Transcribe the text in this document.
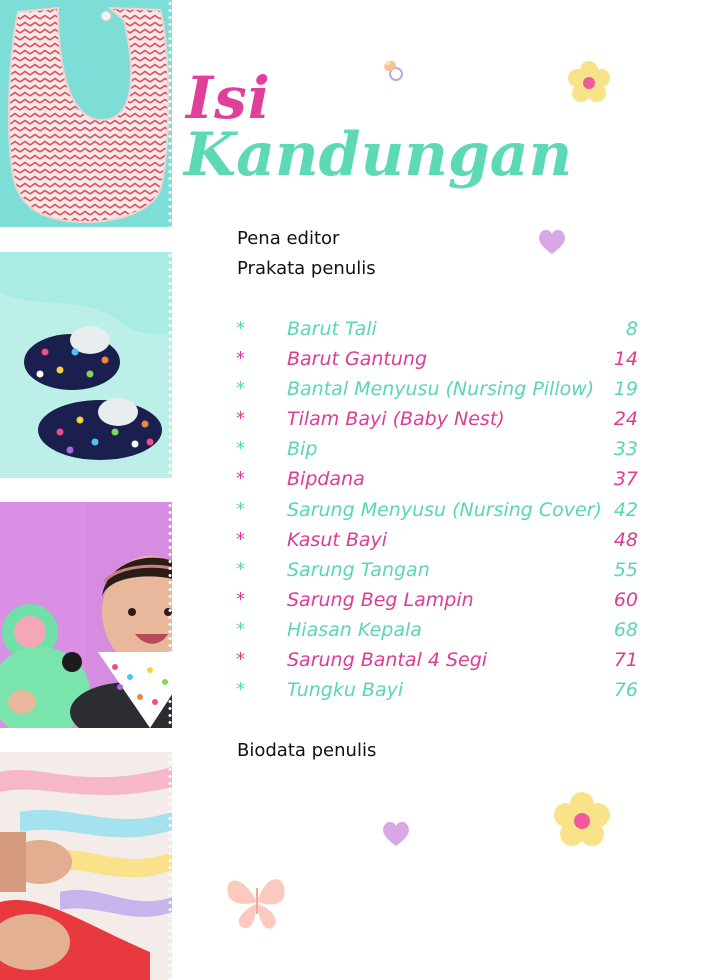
Isi
Kandungan

Pena editor

Prakata penulis

* Barut Tali	8
* Barut Gantung	14
* Bantal Menyusu (Nursing Pillow) 19
* Tilam Bayi (Baby Nest)	24
* Bip	33
* Bipdana	37
* Sarung Menyusu (Nursing Cover) 42
* Kasut Bayi	48
* Sarung Tangan	55
* Sarung Beg Lampin	60
* Hiasan Kepala	68
* Sarung Bantal 4 Segi	71
* Tungku Bayi	76

Biodata penulis
